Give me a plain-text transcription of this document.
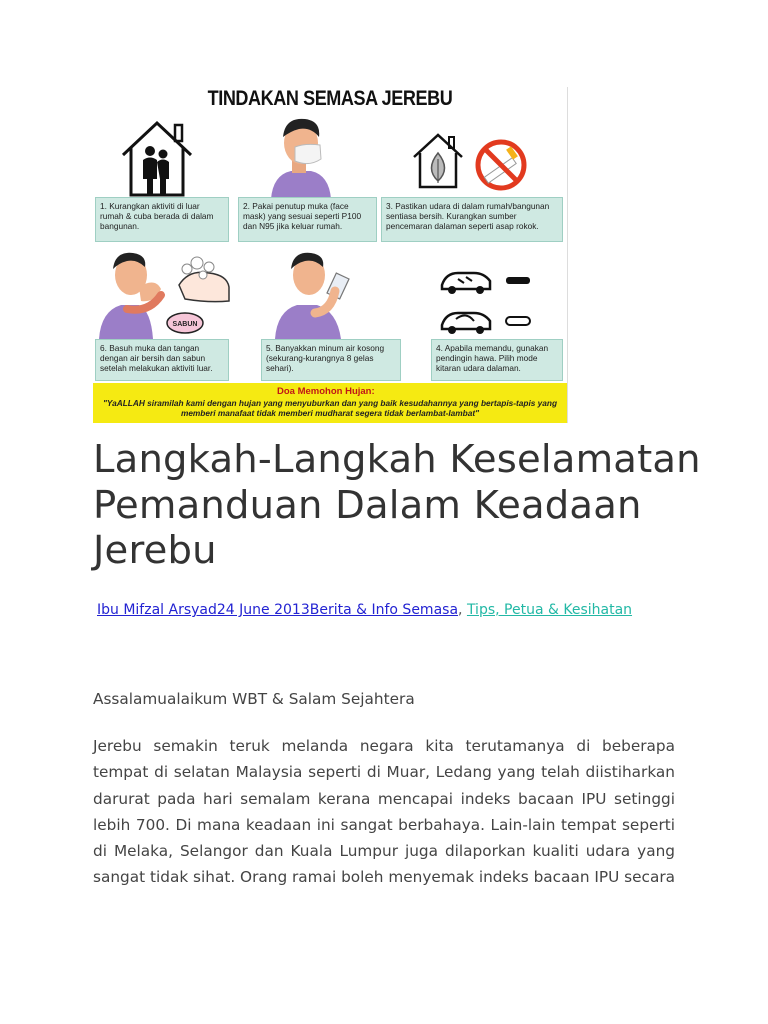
TINDAKAN SEMASA JEREBU
1. Kurangkan aktiviti di luar rumah & cuba berada di dalam bangunan.
2. Pakai penutup muka (face mask) yang sesuai seperti P100 dan N95 jika keluar rumah.
3. Pastikan udara di dalam rumah/bangunan sentiasa bersih. Kurangkan sumber pencemaran dalaman seperti asap rokok.
SABUN
6. Basuh muka dan tangan dengan air bersih dan sabun setelah melakukan aktiviti luar.
5. Banyakkan minum air kosong (sekurang-kurangnya 8 gelas sehari).
4. Apabila memandu, gunakan pendingin hawa. Pilih mode kitaran udara dalaman.
Doa Memohon Hujan:
"YaALLAH siramilah kami dengan hujan yang menyuburkan dan yang baik kesudahannya yang bertapis-tapis yang memberi manafaat tidak memberi mudharat segera tidak berlambat-lambat"
Langkah-Langkah Keselamatan Pemanduan Dalam Keadaan Jerebu
Ibu Mifzal Arsyad24 June 2013Berita & Info Semasa, Tips, Petua & Kesihatan
Assalamualaikum WBT & Salam Sejahtera

Jerebu semakin teruk melanda negara kita terutamanya di beberapa tempat di selatan Malaysia seperti di Muar, Ledang yang telah diistiharkan darurat pada hari semalam kerana mencapai indeks bacaan IPU setinggi lebih 700. Di mana keadaan ini sangat berbahaya. Lain-lain tempat seperti di Melaka, Selangor dan Kuala Lumpur juga dilaporkan kualiti udara yang sangat tidak sihat. Orang ramai boleh menyemak indeks bacaan IPU secara
